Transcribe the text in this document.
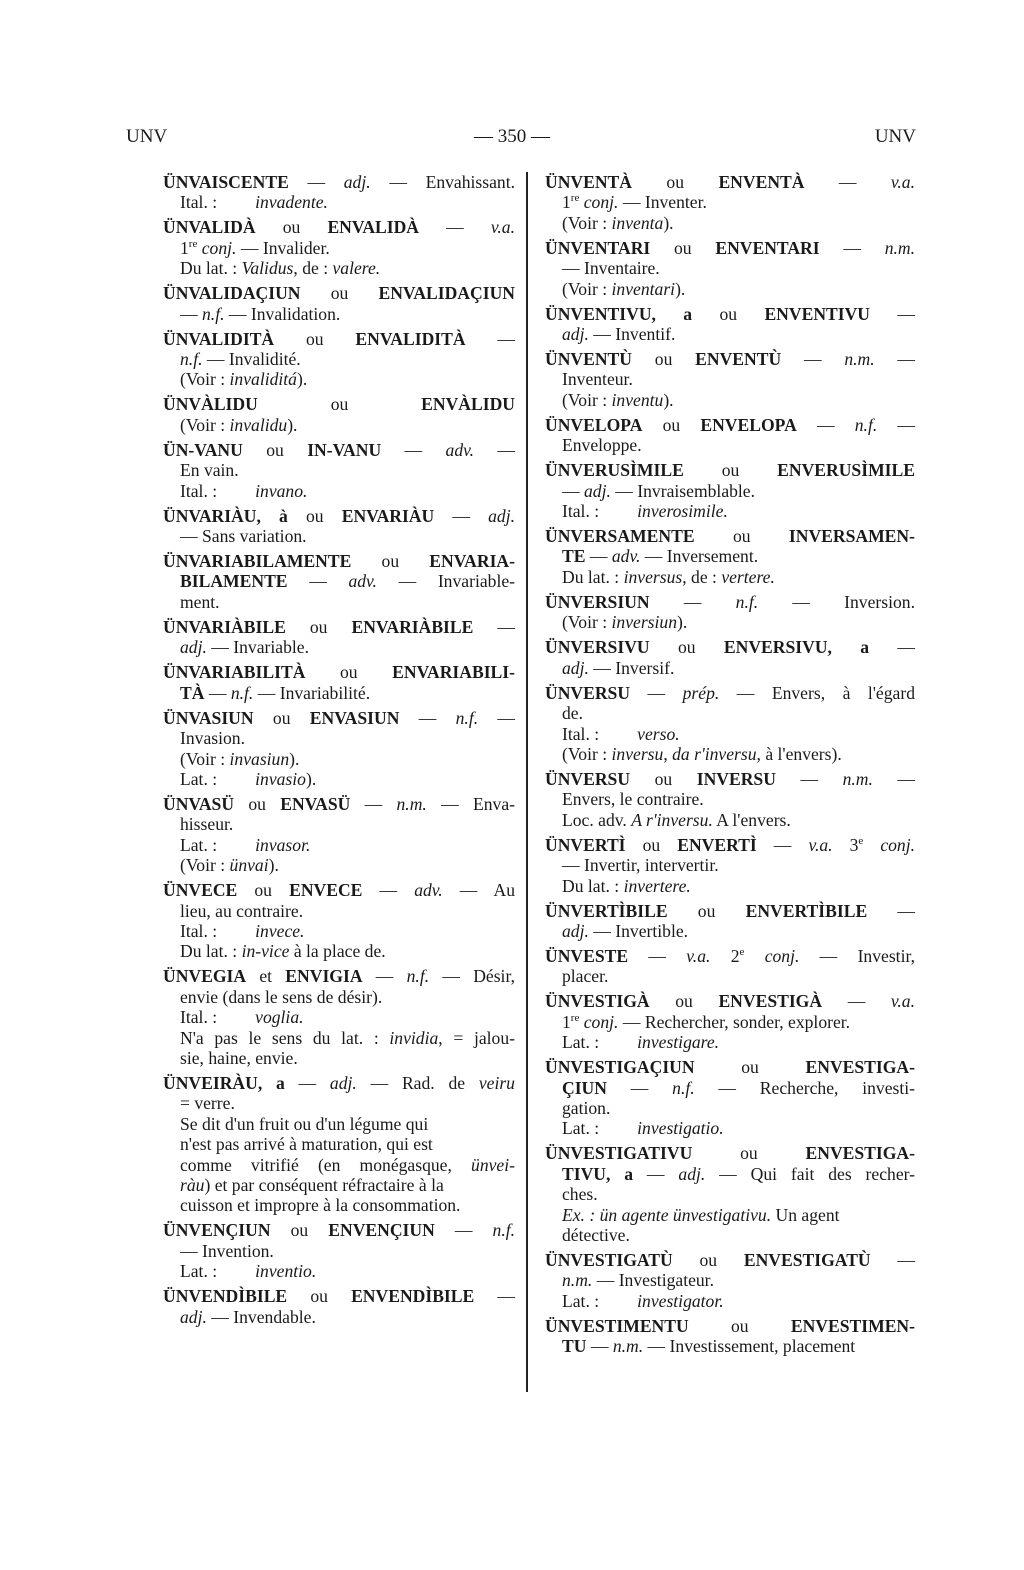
UNV	— 350 —	UNV
ÜNVAISCENTE — adj. — Envahissant.
Ital. : invadente.
ÜNVALIDÀ ou ENVALIDÀ — v.a.
1re conj. — Invalider.
Du lat. : Validus, de : valere.
ÜNVALIDAÇIUN ou ENVALIDAÇIUN
— n.f. — Invalidation.
ÜNVALIDITÀ ou ENVALIDITÀ —
n.f. — Invalidité.
(Voir : invaliditá).
ÜNVÀLIDU ou ENVÀLIDU
(Voir : invalidu).
ÜN-VANU ou IN-VANU — adv. —
En vain.
Ital. : invano.
ÜNVARIÀU, à ou ENVARIÀU — adj.
— Sans variation.
ÜNVARIABILAMENTE ou ENVARIA-
BILAMENTE — adv. — Invariable-
ment.
ÜNVARIÀBILE ou ENVARIÀBILE —
adj. — Invariable.
ÜNVARIABILITÀ ou ENVARIABILI-
TÀ — n.f. — Invariabilité.
ÜNVASIUN ou ENVASIUN — n.f. —
Invasion.
(Voir : invasiun).
Lat. : invasio).
ÜNVASÜ ou ENVASÜ — n.m. — Enva-
hisseur.
Lat. : invasor.
(Voir : ünvai).
ÜNVECE ou ENVECE — adv. — Au
lieu, au contraire.
Ital. : invece.
Du lat. : in-vice à la place de.
ÜNVEGIA et ENVIGIA — n.f. — Désir,
envie (dans le sens de désir).
Ital. : voglia.
N'a pas le sens du lat. : invidia, = jalou-
sie, haine, envie.
ÜNVEIRÀU, a — adj. — Rad. de veiru
= verre.
Se dit d'un fruit ou d'un légume qui
n'est pas arrivé à maturation, qui est
comme vitrifié (en monégasque, ünvei-
ràu) et par conséquent réfractaire à la
cuisson et impropre à la consommation.
ÜNVENÇIUN ou ENVENÇIUN — n.f.
— Invention.
Lat. : inventio.
ÜNVENDÌBILE ou ENVENDÌBILE —
adj. — Invendable.
ÜNVENTÀ ou ENVENTÀ — v.a.
1re conj. — Inventer.
(Voir : inventa).
ÜNVENTARI ou ENVENTARI — n.m.
— Inventaire.
(Voir : inventari).
ÜNVENTIVU, a ou ENVENTIVU —
adj. — Inventif.
ÜNVENTÙ ou ENVENTÙ — n.m. —
Inventeur.
(Voir : inventu).
ÜNVELOPA ou ENVELOPA — n.f. —
Enveloppe.
ÜNVERUSÌMILE ou ENVERUSÌMILE
— adj. — Invraisemblable.
Ital. : inverosimile.
ÜNVERSAMENTE ou INVERSAMEN-
TE — adv. — Inversement.
Du lat. : inversus, de : vertere.
ÜNVERSIUN — n.f. — Inversion.
(Voir : inversiun).
ÜNVERSIVU ou ENVERSIVU, a —
adj. — Inversif.
ÜNVERSU — prép. — Envers, à l'égard
de.
Ital. : verso.
(Voir : inversu, da r'inversu, à l'envers).
ÜNVERSU ou INVERSU — n.m. —
Envers, le contraire.
Loc. adv. A r'inversu. A l'envers.
ÜNVERTÌ ou ENVERTÌ — v.a. 3e conj.
— Invertir, intervertir.
Du lat. : invertere.
ÜNVERTÌBILE ou ENVERTÌBILE —
adj. — Invertible.
ÜNVESTE — v.a. 2e conj. — Investir,
placer.
ÜNVESTIGÀ ou ENVESTIGÀ — v.a.
1re conj. — Rechercher, sonder, explorer.
Lat. : investigare.
ÜNVESTIGAÇIUN ou ENVESTIGA-
ÇIUN — n.f. — Recherche, investi-
gation.
Lat. : investigatio.
ÜNVESTIGATIVU ou ENVESTIGA-
TIVU, a — adj. — Qui fait des recher-
ches.
Ex. : ün agente ünvestigativu. Un agent
détective.
ÜNVESTIGATÙ ou ENVESTIGATÙ —
n.m. — Investigateur.
Lat. : investigator.
ÜNVESTIMENTU ou ENVESTIMEN-
TU — n.m. — Investissement, placement
